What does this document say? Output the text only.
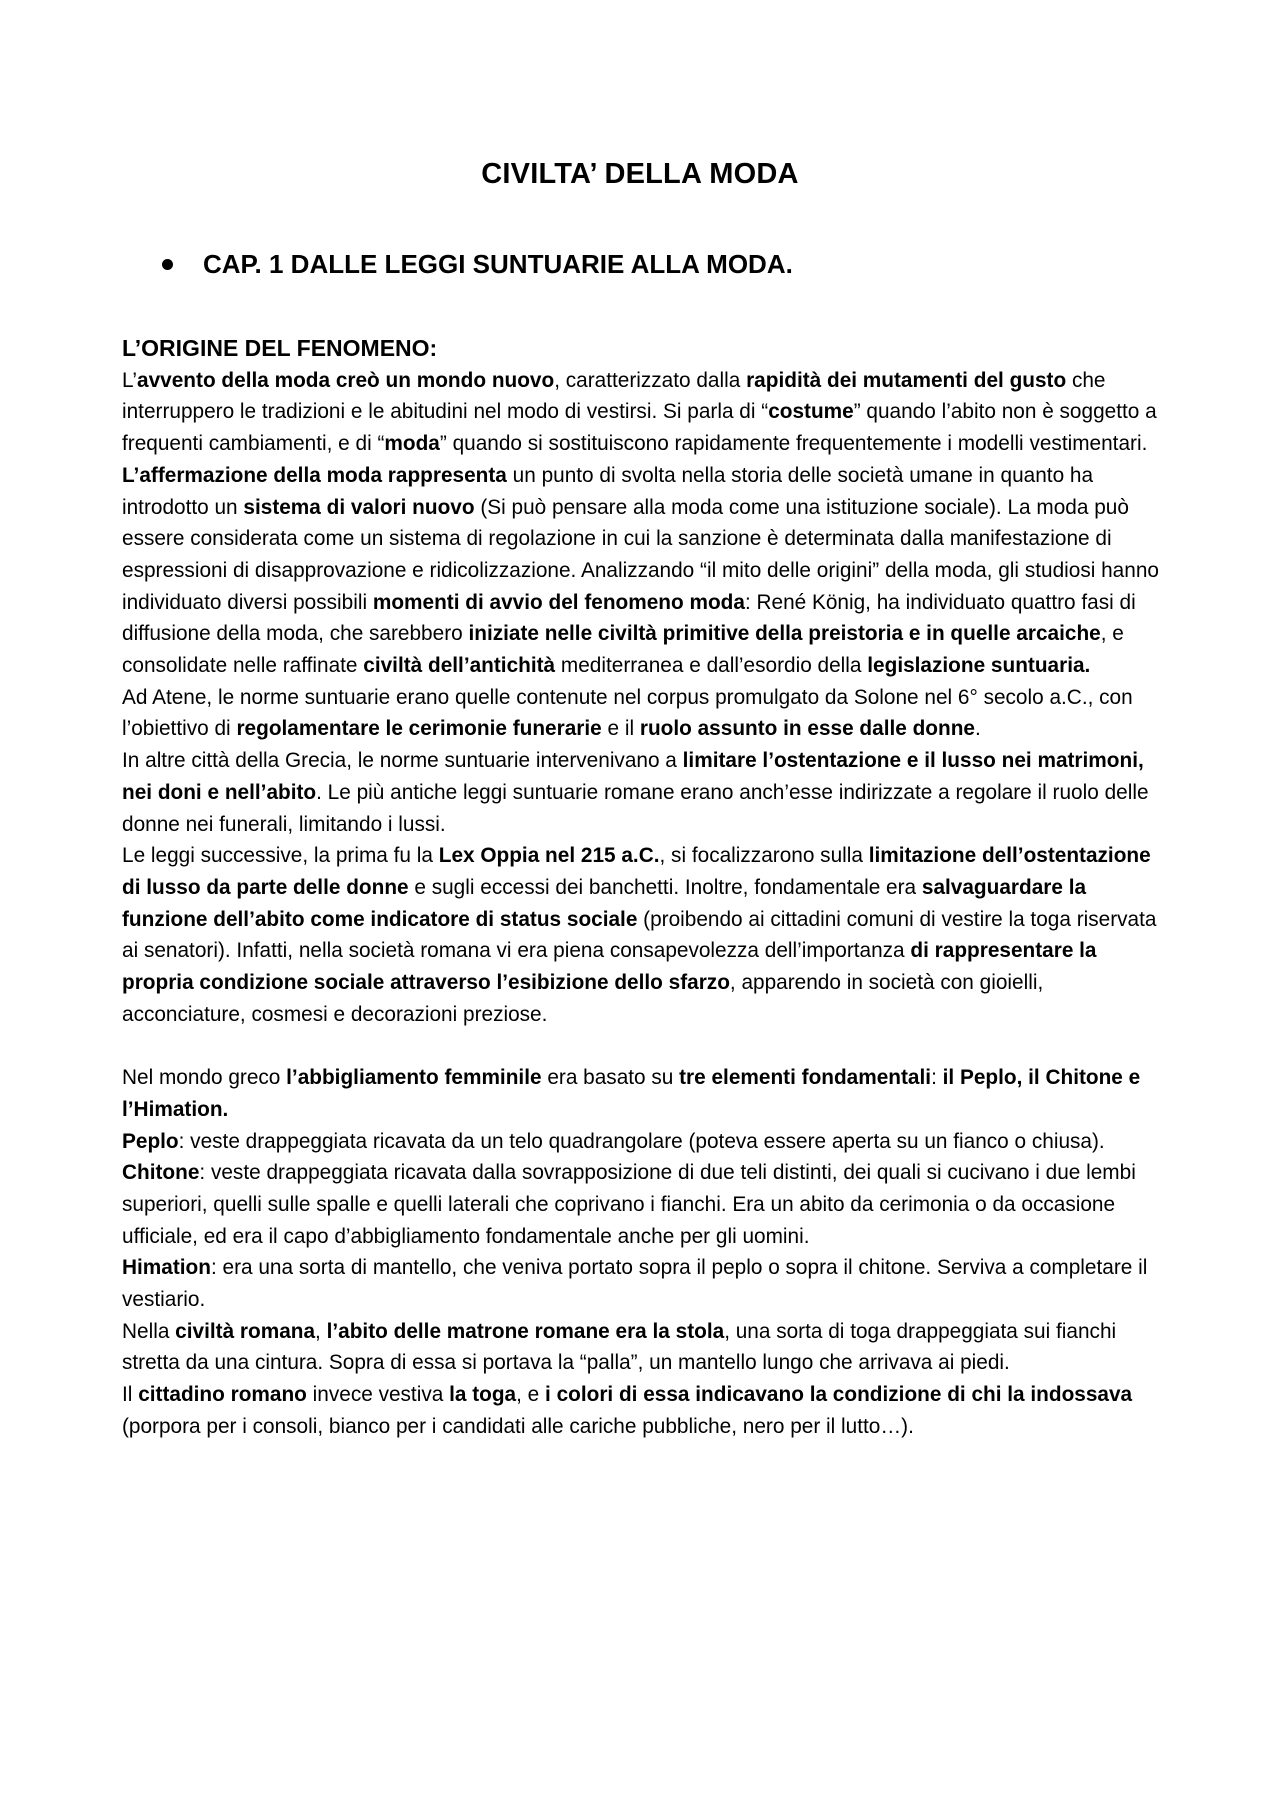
CIVILTA’ DELLA MODA
CAP. 1 DALLE LEGGI SUNTUARIE ALLA MODA.
L’ORIGINE DEL FENOMENO:

L’avvento della moda creò un mondo nuovo, caratterizzato dalla rapidità dei mutamenti del gusto che interruppero le tradizioni e le abitudini nel modo di vestirsi. Si parla di “costume” quando l’abito non è soggetto a frequenti cambiamenti, e di “moda” quando si sostituiscono rapidamente frequentemente i modelli vestimentari. L’affermazione della moda rappresenta un punto di svolta nella storia delle società umane in quanto ha introdotto un sistema di valori nuovo (Si può pensare alla moda come una istituzione sociale). La moda può essere considerata come un sistema di regolazione in cui la sanzione è determinata dalla manifestazione di espressioni di disapprovazione e ridicolizzazione. Analizzando “il mito delle origini” della moda, gli studiosi hanno individuato diversi possibili momenti di avvio del fenomeno moda: René König, ha individuato quattro fasi di diffusione della moda, che sarebbero iniziate nelle civiltà primitive della preistoria e in quelle arcaiche, e consolidate nelle raffinate civiltà dell’antichità mediterranea e dall’esordio della legislazione suntuaria.

Ad Atene, le norme suntuarie erano quelle contenute nel corpus promulgato da Solone nel 6° secolo a.C., con l’obiettivo di regolamentare le cerimonie funerarie e il ruolo assunto in esse dalle donne.

In altre città della Grecia, le norme suntuarie intervenivano a limitare l’ostentazione e il lusso nei matrimoni, nei doni e nell’abito. Le più antiche leggi suntuarie romane erano anch’esse indirizzate a regolare il ruolo delle donne nei funerali, limitando i lussi.

Le leggi successive, la prima fu la Lex Oppia nel 215 a.C., si focalizzarono sulla limitazione dell’ostentazione di lusso da parte delle donne e sugli eccessi dei banchetti. Inoltre, fondamentale era salvaguardare la funzione dell’abito come indicatore di status sociale (proibendo ai cittadini comuni di vestire la toga riservata ai senatori). Infatti, nella società romana vi era piena consapevolezza dell’importanza di rappresentare la propria condizione sociale attraverso l’esibizione dello sfarzo, apparendo in società con gioielli, acconciature, cosmesi e decorazioni preziose.

Nel mondo greco l’abbigliamento femminile era basato su tre elementi fondamentali: il Peplo, il Chitone e l’Himation.

Peplo: veste drappeggiata ricavata da un telo quadrangolare (poteva essere aperta su un fianco o chiusa).

Chitone: veste drappeggiata ricavata dalla sovrapposizione di due teli distinti, dei quali si cucivano i due lembi superiori, quelli sulle spalle e quelli laterali che coprivano i fianchi. Era un abito da cerimonia o da occasione ufficiale, ed era il capo d’abbigliamento fondamentale anche per gli uomini.

Himation: era una sorta di mantello, che veniva portato sopra il peplo o sopra il chitone. Serviva a completare il vestiario.

Nella civiltà romana, l’abito delle matrone romane era la stola, una sorta di toga drappeggiata sui fianchi stretta da una cintura. Sopra di essa si portava la “palla”, un mantello lungo che arrivava ai piedi.

Il cittadino romano invece vestiva la toga, e i colori di essa indicavano la condizione di chi la indossava (porpora per i consoli, bianco per i candidati alle cariche pubbliche, nero per il lutto…).
